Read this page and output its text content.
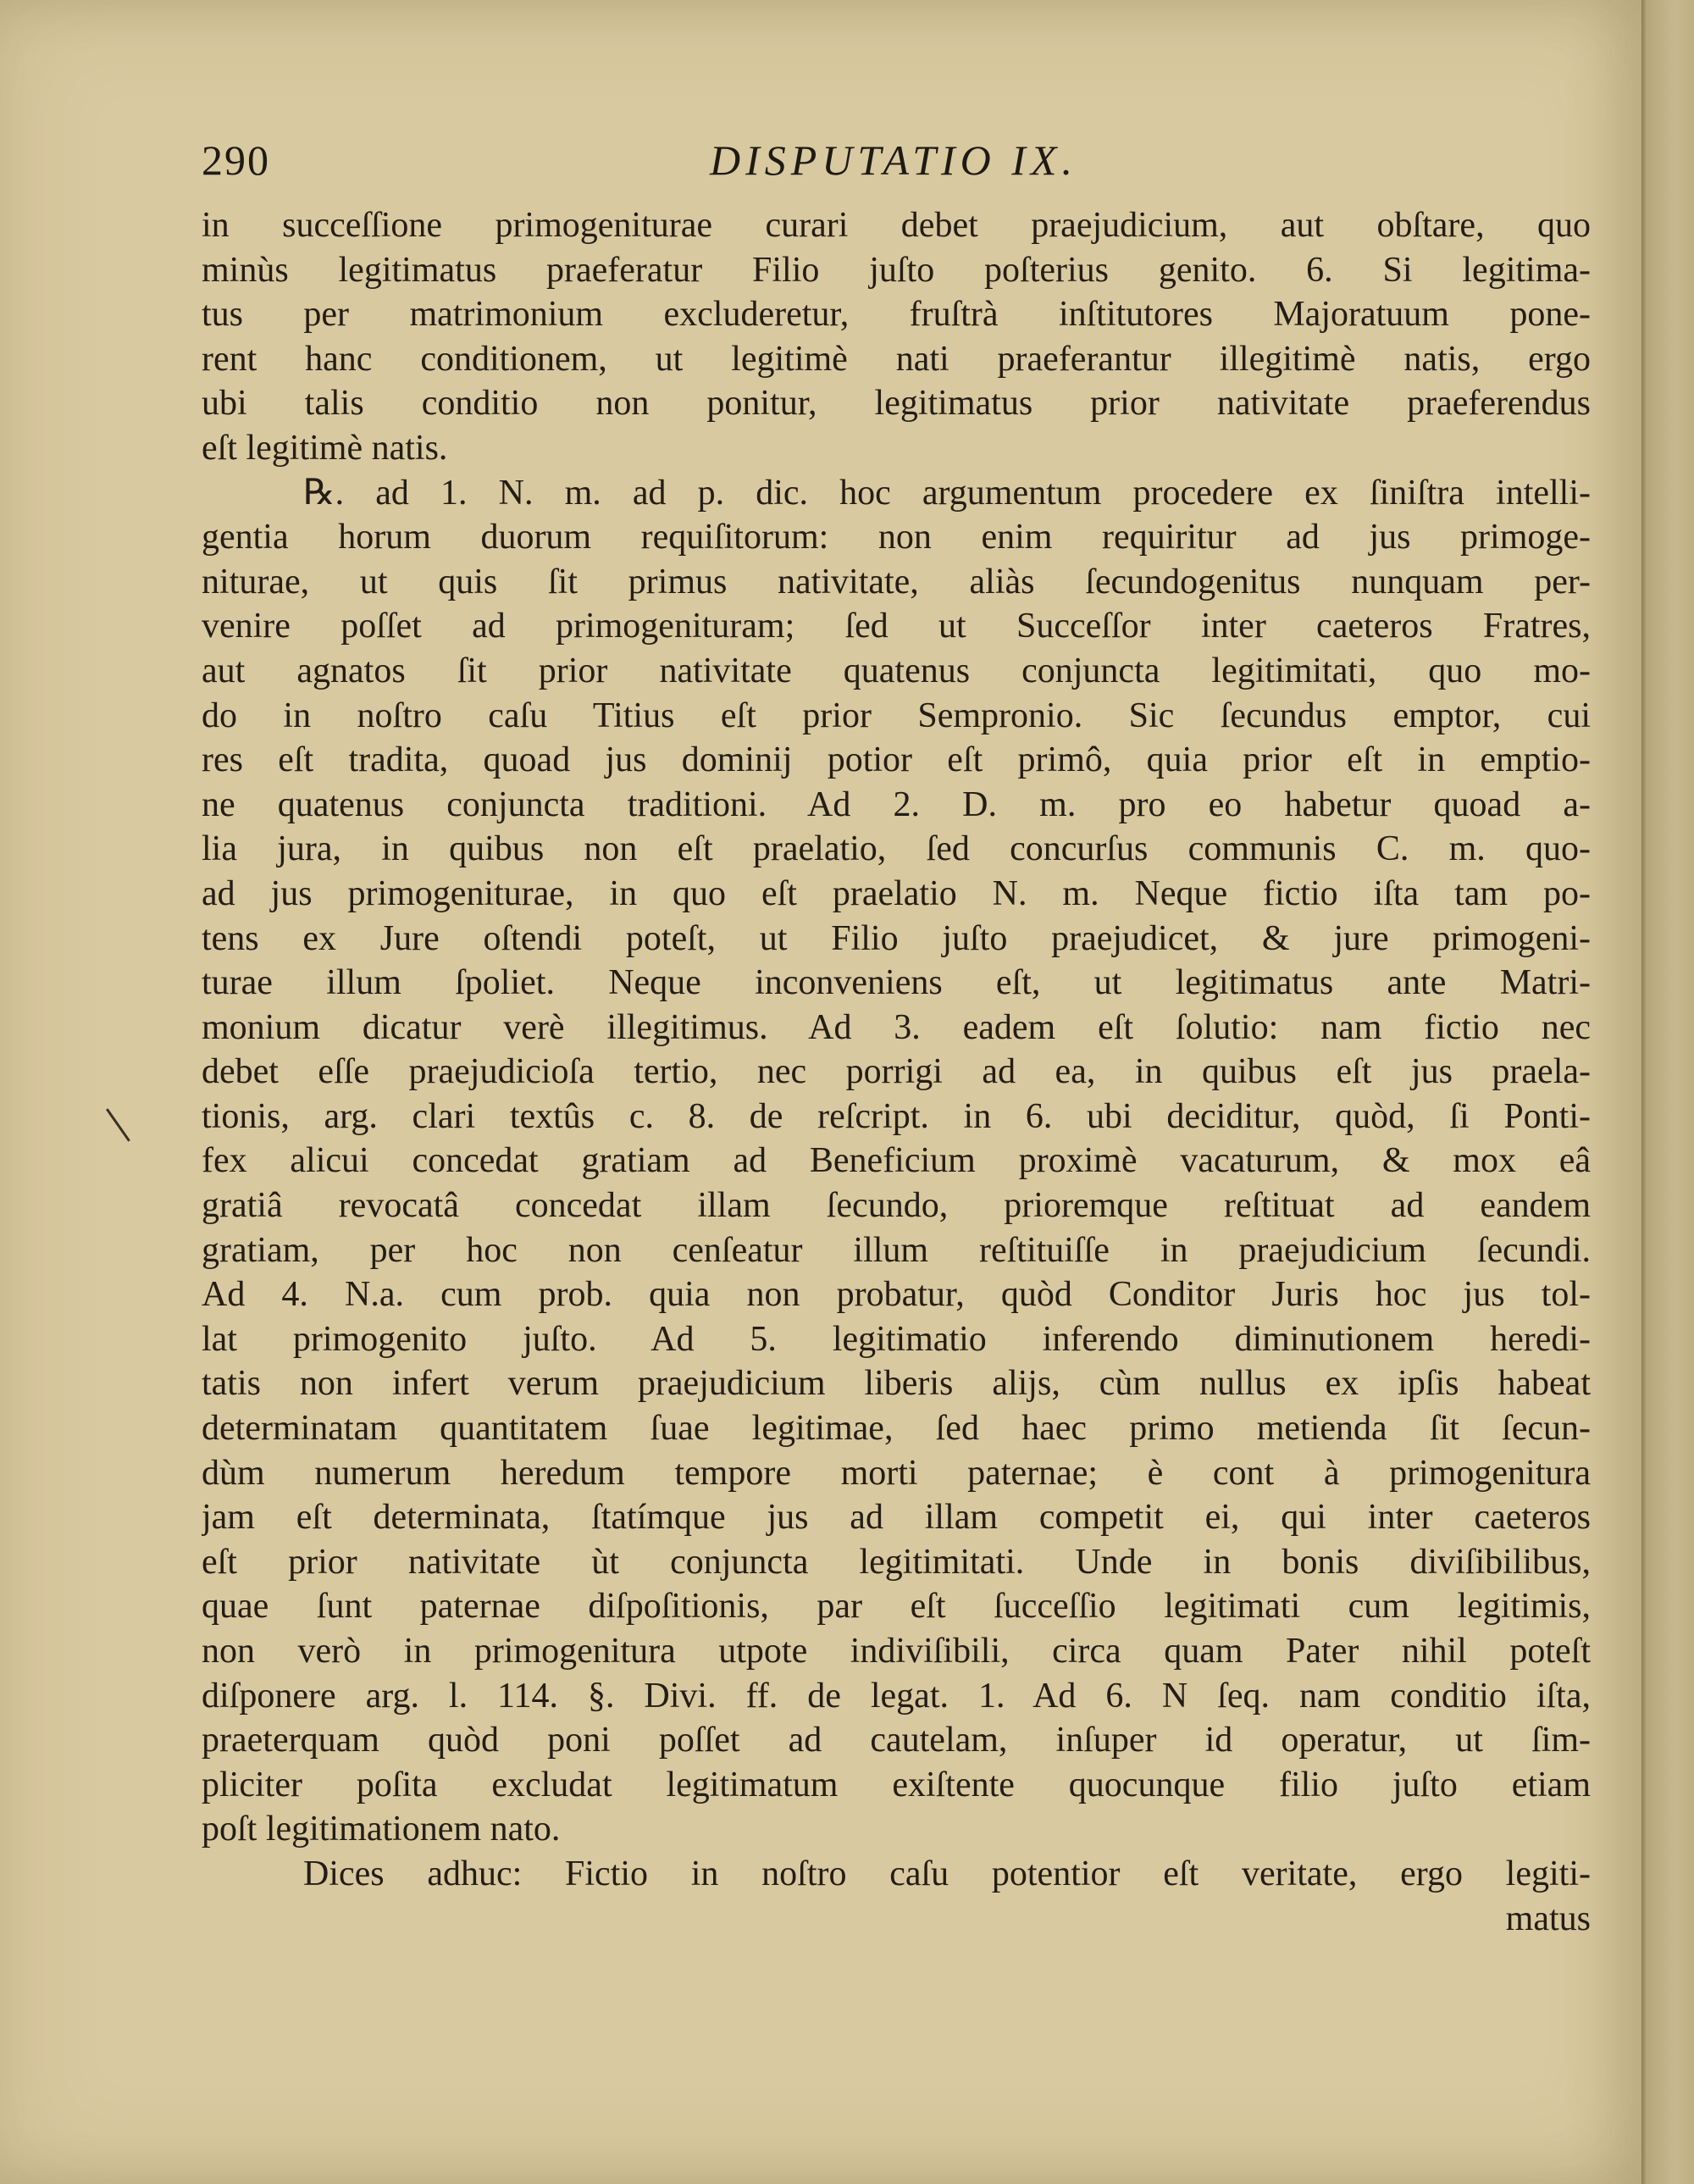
290	DISPUTATIO IX.
in succeſſione primogeniturae curari debet praejudicium, aut obſtare, quo
minùs legitimatus praeferatur Filio juſto poſterius genito. 6. Si legitima-
tus per matrimonium excluderetur, fruſtrà inſtitutores Majoratuum pone-
rent hanc conditionem, ut legitimè nati praeferantur illegitimè natis, ergo
ubi talis conditio non ponitur, legitimatus prior nativitate praeferendus
eſt legitimè natis.
℞. ad 1. N. m. ad p. dic. hoc argumentum procedere ex ſiniſtra intelli-
gentia horum duorum requiſitorum: non enim requiritur ad jus primoge-
niturae, ut quis ſit primus nativitate, aliàs ſecundogenitus nunquam per-
venire poſſet ad primogenituram; ſed ut Succeſſor inter caeteros Fratres,
aut agnatos ſit prior nativitate quatenus conjuncta legitimitati, quo mo-
do in noſtro caſu Titius eſt prior Sempronio. Sic ſecundus emptor, cui
res eſt tradita, quoad jus dominij potior eſt primô, quia prior eſt in emptio-
ne quatenus conjuncta traditioni. Ad 2. D. m. pro eo habetur quoad a-
lia jura, in quibus non eſt praelatio, ſed concurſus communis C. m. quo-
ad jus primogeniturae, in quo eſt praelatio N. m. Neque fictio iſta tam po-
tens ex Jure oſtendi poteſt, ut Filio juſto praejudicet, & jure primogeni-
turae illum ſpoliet. Neque inconveniens eſt, ut legitimatus ante Matri-
monium dicatur verè illegitimus. Ad 3. eadem eſt ſolutio: nam fictio nec
debet eſſe praejudicioſa tertio, nec porrigi ad ea, in quibus eſt jus praela-
tionis, arg. clari textûs c. 8. de reſcript. in 6. ubi deciditur, quòd, ſi Ponti-
fex alicui concedat gratiam ad Beneficium proximè vacaturum, & mox eâ
gratiâ revocatâ concedat illam ſecundo, prioremque reſtituat ad eandem
gratiam, per hoc non cenſeatur illum reſtituiſſe in praejudicium ſecundi.
Ad 4. N.a. cum prob. quia non probatur, quòd Conditor Juris hoc jus tol-
lat primogenito juſto. Ad 5. legitimatio inferendo diminutionem heredi-
tatis non infert verum praejudicium liberis alijs, cùm nullus ex ipſis habeat
determinatam quantitatem ſuae legitimae, ſed haec primo metienda ſit ſecun-
dùm numerum heredum tempore morti paternae; è cont à primogenitura
jam eſt determinata, ſtatímque jus ad illam competit ei, qui inter caeteros
eſt prior nativitate ùt conjuncta legitimitati. Unde in bonis diviſibilibus,
quae ſunt paternae diſpoſitionis, par eſt ſucceſſio legitimati cum legitimis,
non verò in primogenitura utpote indiviſibili, circa quam Pater nihil poteſt
diſponere arg. l. 114. §. Divi. ff. de legat. 1. Ad 6. N ſeq. nam conditio iſta,
praeterquam quòd poni poſſet ad cautelam, inſuper id operatur, ut ſim-
pliciter poſita excludat legitimatum exiſtente quocunque filio juſto etiam
poſt legitimationem nato.
Dices adhuc: Fictio in noſtro caſu potentior eſt veritate, ergo legiti-
matus
